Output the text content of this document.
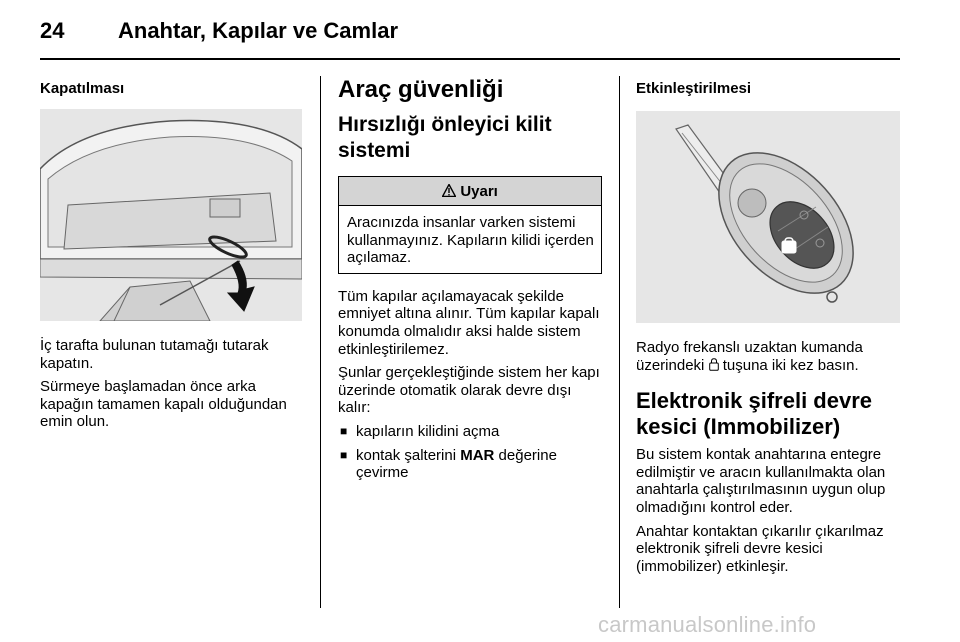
24 Anahtar, Kapılar ve Camlar
Kapatılması

İç tarafta bulunan tutamağı tutarak kapatın.

Sürmeye başlamadan önce arka kapağın tamamen kapalı olduğundan emin olun.

Araç güvenliği
Hırsızlığı önleyici kilit sistemi
Uyarı
Aracınızda insanlar varken sistemi kullanmayınız. Kapıların kilidi içerden açılamaz.

Tüm kapılar açılamayacak şekilde emniyet altına alınır. Tüm kapılar kapalı konumda olmalıdır aksi halde sistem etkinleştirilemez.

Şunlar gerçekleştiğinde sistem her kapı üzerinde otomatik olarak devre dışı kalır:

■ kapıların kilidini açma
■ kontak şalterini MAR değerine çevirme
Etkinleştirilmesi

Radyo frekanslı uzaktan kumanda üzerindeki  tuşuna iki kez basın.

Elektronik şifreli devre kesici (Immobilizer)

Bu sistem kontak anahtarına entegre edilmiştir ve aracın kullanılmakta olan anahtarla çalıştırılmasının uygun olup olmadığını kontrol eder.

Anahtar kontaktan çıkarılır çıkarılmaz elektronik şifreli devre kesici (immobilizer) etkinleşir.

carmanualsonline.info
